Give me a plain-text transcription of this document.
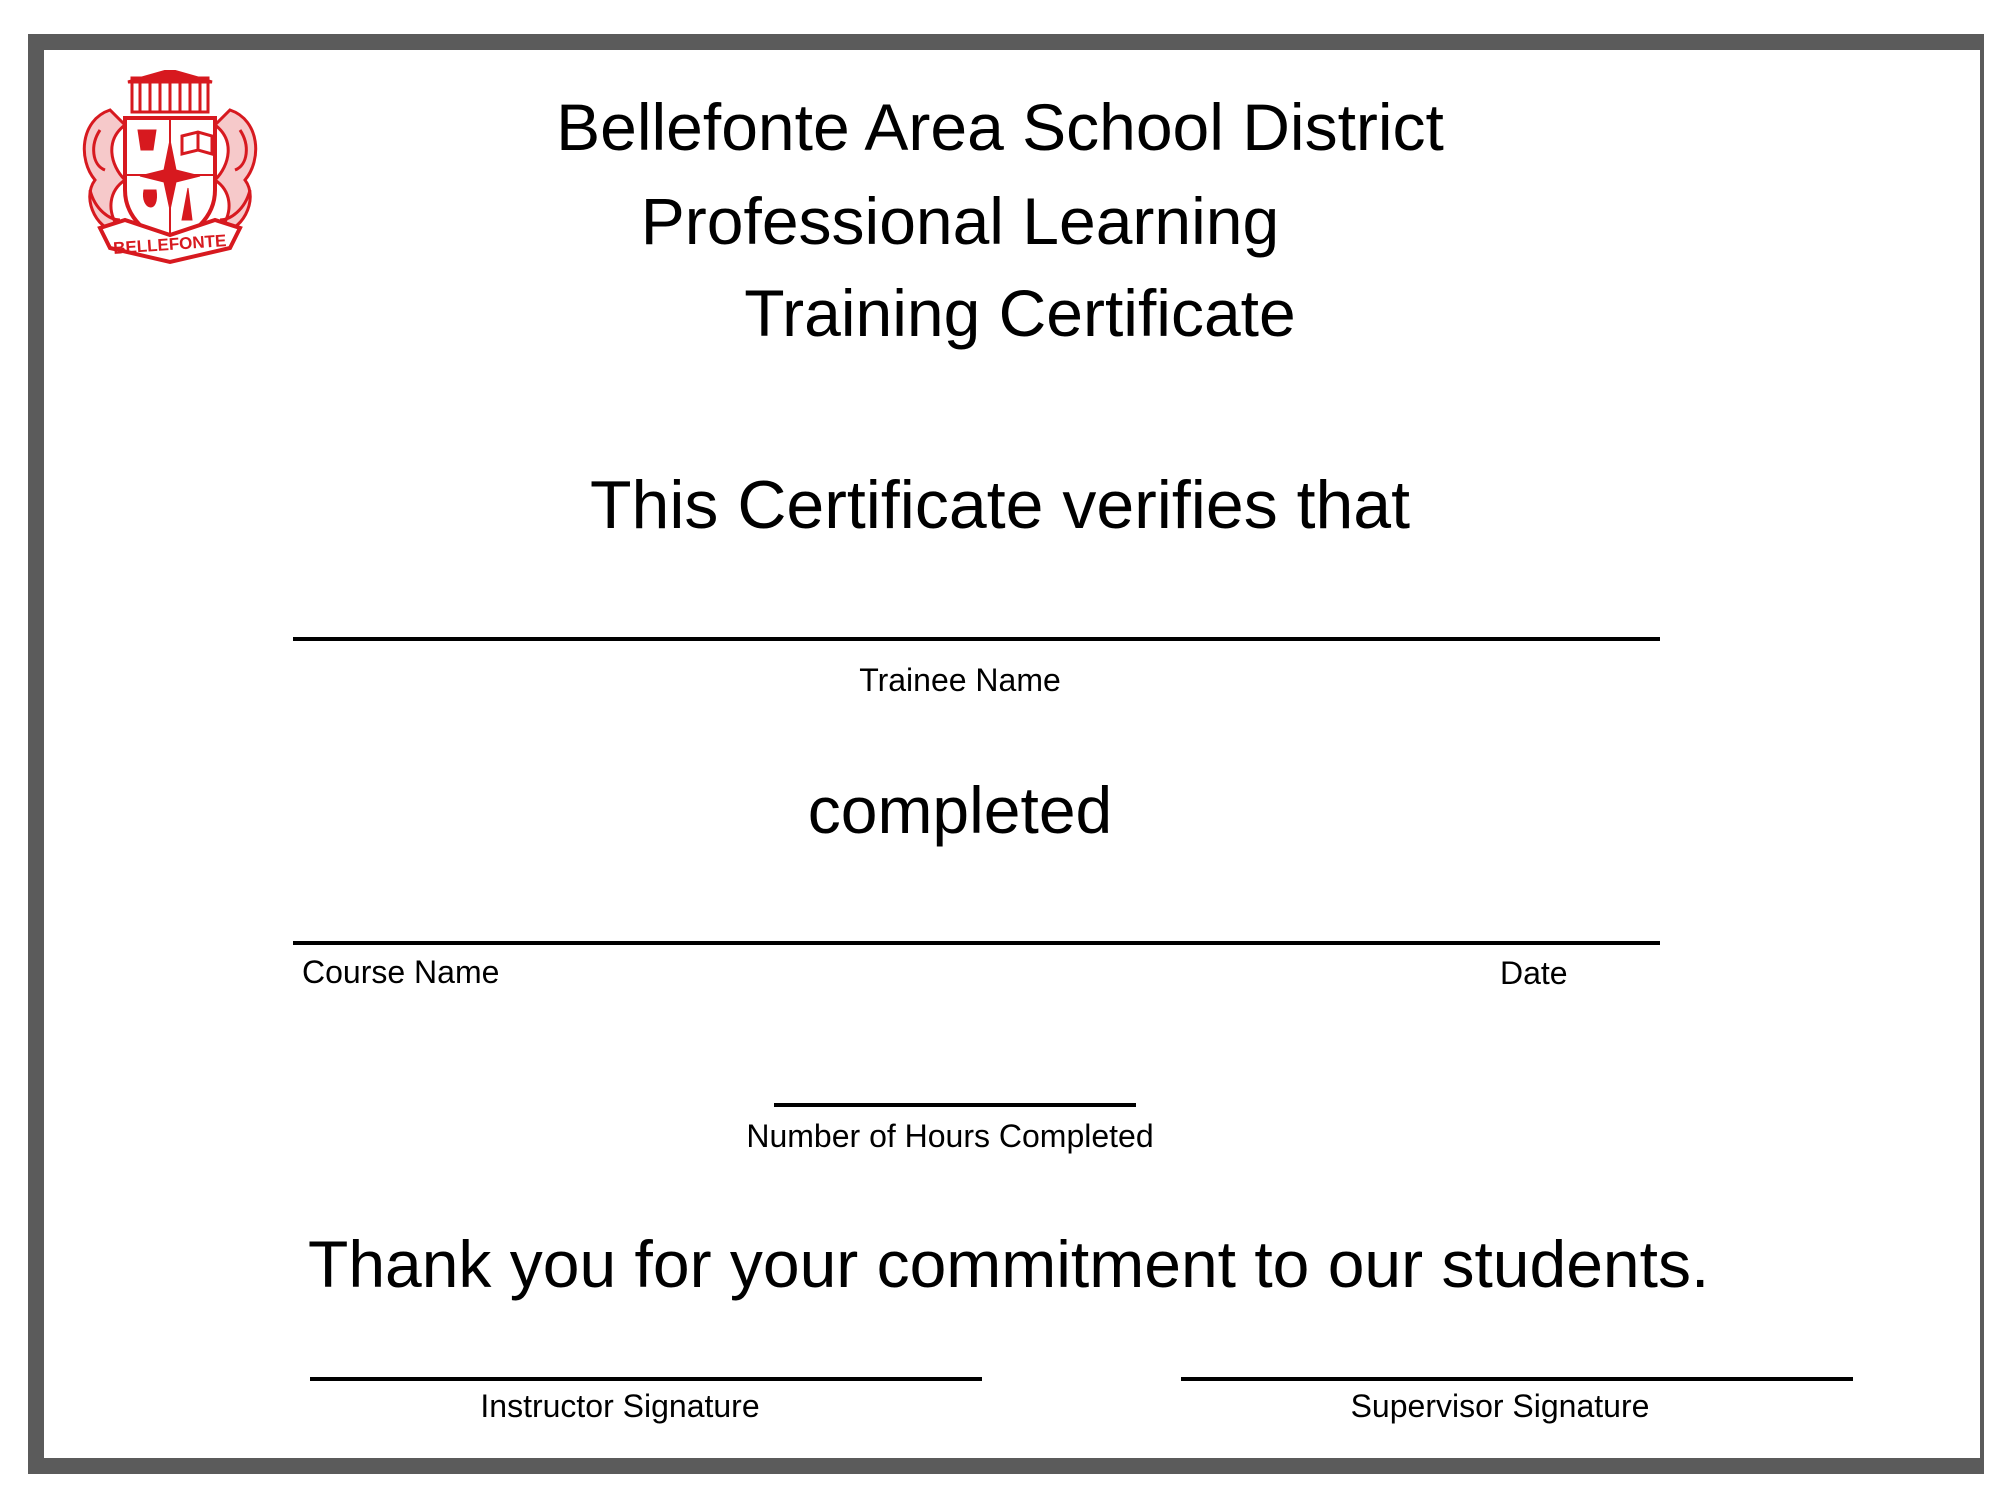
BELLEFONTE
Bellefonte Area School District
Professional Learning
Training Certificate
This Certificate verifies that
Trainee Name
completed
Course Name	Date
Number of Hours Completed
Thank you for your commitment to our students.
Instructor Signature	Supervisor Signature
